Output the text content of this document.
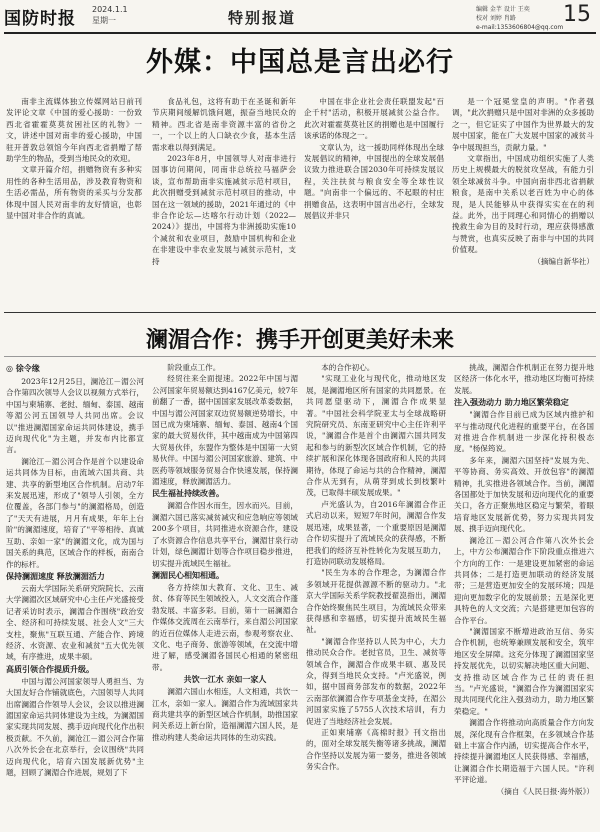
国防时报 2024.1.1
星期一	特别报道	编辑 金芊 设计 王奕
校对 刘婷 肖路
e-mail:1353606804@qq.com
15
外媒：中国总是言出必行

南非主流媒体独立传媒网站日前刊发评论文章《中国的爱心援助：一份致西北省霍霍莫莫贫困社区的礼物》一文，讲述中国对南非的爱心援助，中国驻开普敦总领馆今年向西北省捐赠了帮助学生的物品，受到当地民众的欢迎。

文章开篇介绍，捐赠物资有多种实用性的各种生活用品，涉及教育物资和生活必需品，所有物资的采买与分发都体现中国人民对南非的友好情谊，也彰显中国对非合作的真诚。

食品礼包，这将有助于在圣诞和新年节庆期间缓解饥饿问题，振奋当地民众的精神。西北省是南非资源丰富的省份之一，一个以上的人口缺衣少食，基本生活需求难以得到满足。

2023年8月，中国领导人对南非进行国事访问期间，同南非总统拉马福萨会谈，宣布帮助南非实施减贫示范村项目，此次捐赠受到减贫示范村项目的推动，中国在这一领域的援助，2021年通过的《中非合作论坛—达喀尔行动计划（2022—2024）》提出，中国将为非洲援助实施10个减贫和农业项目，鼓励中国机构和企业在非建设中非农业发展与减贫示范村，支持

中国在非企业社会责任联盟发起"百企千村"活动，积极开展减贫公益合作。此次对霍霍莫莫社区的捐赠也是中国履行该承诺的体现之一。

文章认为，这一援助同样体现出全球发展倡议的精神，中国提出的全球发展倡议致力推进联合国2030年可持续发展议程，关注扶贫与粮食安全等全球性议题。"向南非一个偏远的、不起眼的村庄捐赠食品，这表明中国言出必行，全球发展倡议并非只

是一个冠冕堂皇的声明。"作者强调，"此次捐赠只是中国对非洲的众多援助之一，但它证实了中国作为世界最大的发展中国家，能在广大发展中国家的减贫斗争中展现担当，贡献力量。"

文章指出，中国成功组织实施了人类历史上规模最大的脱贫攻坚战，有能力引领全球减贫斗争。中国向南非西北省捐献粮食，是南中关系以老百姓为中心的体现，是人民能够从中获得实实在在的利益。此外，出于同理心和同情心的捐赠以挽救生命为目的及时行动，理应获得感激与赞赏，也真实反映了南非与中国的共同价值观。

（摘编自新华社）

澜湄合作：携手开创更美好未来

◎ 徐令缘

2023年12月25日，澜沧江－湄公河合作第四次领导人会议以视频方式举行，中国与柬埔寨、老挝、缅甸、泰国、越南等湄公河五国领导人共同出席。会议以"推进澜湄国家命运共同体建设，携手迈向现代化"为主题，并发布内比都宣言。

澜沧江－湄公河合作是首个以建设命运共同体为目标，由流域六国共商、共建、共享的新型地区合作机制。启动7年来发展迅速，形成了"领导人引领，全方位覆盖，各部门参与"的澜湄格局，创造了"天天有进展，月月有成果，年年上台阶"的澜湄速度，培育了"平等相待、真诚互助、亲如一家"的澜湄文化，成为国与国关系的典范，区域合作的样板，南南合作的标杆。

保持澜湄速度 释放澜湄活力

云南大学国际关系研究院院长、云南大学澜湄次区域研究中心主任卢光盛接受记者采访时表示，澜湄合作围绕"政治安全、经济和可持续发展、社会人文"三大支柱，聚焦"互联互通、产能合作、跨境经济、水资源、农业和减贫"五大优先领域，有序推进，成果丰硕。

高质引领合作提质升级。

中国与湄公河国家领导人勇担当、为大国友好合作铺就底色，六国领导人共同出席澜湄合作领导人会议，会议以推进澜湄国家命运共同体建设为主线，为澜湄国家实现共同发展、携手迈向现代化作出积极贡献。不久前，澜沧江－湄公河合作第八次外长会在北京举行，会议围绕"共同迈向现代化，培育六国发展新优势"主题，回顾了澜湄合作进展，规划了下

阶段重点工作。

经贸往来全面提速。2022年中国与湄公河国家年贸易额达到4167亿美元，较7年前翻了一番，据中国国家发展改革委数据，中国与湄公河国家双边贸易额逆势增长，中国已成为柬埔寨、缅甸、泰国、越南4个国家的最大贸易伙伴，其中越南成为中国第四大贸易伙伴，东盟作为整体是中国第一大贸易伙伴。中国与湄公河国家旅游、建筑、中医药等领域服务贸易合作快速发展，保持澜湄速度，释放澜湄活力。

民生福祉持续改善。

澜湄合作因水而生，因水而兴。目前，澜湄六国已落实减贫减灾和应急响应等领域200多个项目，共同推进水资源合作，建设了水资源合作信息共享平台，澜湄甘泉行动计划，绿色澜湄计划等合作项目稳步推进，切实提升流域民生福祉。

澜湄民心相知相通。

各方持续加大教育、文化、卫生、减贫、体育等民生领域投入，人文交流合作蓬勃发展、丰富多彩。目前，第十一届澜湄合作媒体交流周在云南举行，来自湄公河国家的近百位媒体人走进云南，参观考察农业、文化、电子商务、旅游等领域，在交流中增进了解，感受澜湄各国民心相通的紧密纽带。

共饮一江水 亲如一家人

澜湄六国山水相连，人文相通，共饮一江水，亲如一家人。澜湄合作为流域国家共商共建共享的新型区域合作机制，助推国家间关系迈上新台阶，造福澜湄六国人民，是推动构建人类命运共同体的生动实践。

本的合作初心。

"实现工业化与现代化，推动地区发展，是澜湄地区所有国家的共同愿景。在共同愿望驱动下，澜湄合作成果显著。"中国社会科学院亚太与全球战略研究院研究员、东南亚研究中心主任许利平说，"澜湄合作是首个由澜湄六国共同发起和参与的新型次区域合作机制，它的持续扩展和深化体现各国政府和人民的共同期待，体现了命运与共的合作精神，澜湄合作从无到有，从萌芽到成长到枝繁叶茂，已取得丰硕发展成果。"

卢光盛认为，自2016年澜湄合作正式启动以来，短短7年时间，澜湄合作发展迅速，成果显著，一个重要原因是澜湄合作切实提升了流域民众的获得感，不断把我们的经济互补性转化为发展互助力，打造协同联动发展格局。

"民生为本的合作理念，为澜湄合作多领域开花提供源源不断的驱动力。"北京大学国际关系学院教授翟崑指出，澜湄合作始终聚焦民生项目，为流域民众带来获得感和幸福感，切实提升流域民生福祉。

"澜湄合作坚持以人民为中心，大力推动民众合作。老挝官员，卫生、减贫等领域合作，澜湄合作成果丰硕、惠及民众，得到当地民众支持。"卢光盛说，例如，据中国商务部发布的数据，2022年云南部依澜湄合作专项基金支持，在湄公河国家实施了5755人次技术培训，有力促进了当地经济社会发展。

正如柬埔寨《高棉时报》刊文指出的，面对全球发展失衡等诸多挑战，澜湄合作坚持以发展为第一要务，推进各领域务实合作。

挑战，澜湄合作机制正在努力提升地区经济一体化水平，推动地区均衡可持续发展。

注入强劲动力 助力地区繁荣稳定

"澜湄合作目前已成为区域内推护和平与推动现代化进程的重要平台，在各国对推进合作机制进一步深化持积极态度。"杨保筠说。

多年来，澜湄六国坚持"发展为先、平等协商、务实高效、开放包容"的澜湄精神，扎实推进各领域合作。当前，澜湄各国都处于加快发展和迈向现代化的重要关口，各方正聚焦地区稳定与繁荣，着眼培育地区发展新优势，努力实现共同发展、携手迈向现代化。

澜沧江－湄公河合作第八次外长会上，中方公布澜湄合作下阶段重点推进六个方向的工作：一是建设更加紧密的命运共同体；二是打造更加联动的经济发展带；三是营造更加安全的发展环境；四是迎向更加数字化的发展前景；五是深化更具特色的人文交流；六是搭建更加包容的合作平台。

"澜湄国家不断增进政治互信、务实合作机制，也统筹兼顾发展和安全，筑牢地区安全屏障。这充分体现了澜湄国家坚持发展优先，以切实解决地区重大问题、支持推动区域合作为己任的责任担当。"卢光盛说，"澜湄合作为澜湄国家实现共同现代化注入强劲动力，助力地区繁荣稳定。"

澜湄合作将推动向高质量合作方向发展，深化现有合作框架，在多领域合作基础上丰富合作内涵，切实提高合作水平，持续提升澜湄地区人民获得感、幸福感，让澜湄合作长期造福于六国人民。"许利平评论道。

（摘自《人民日报·海外版》）
